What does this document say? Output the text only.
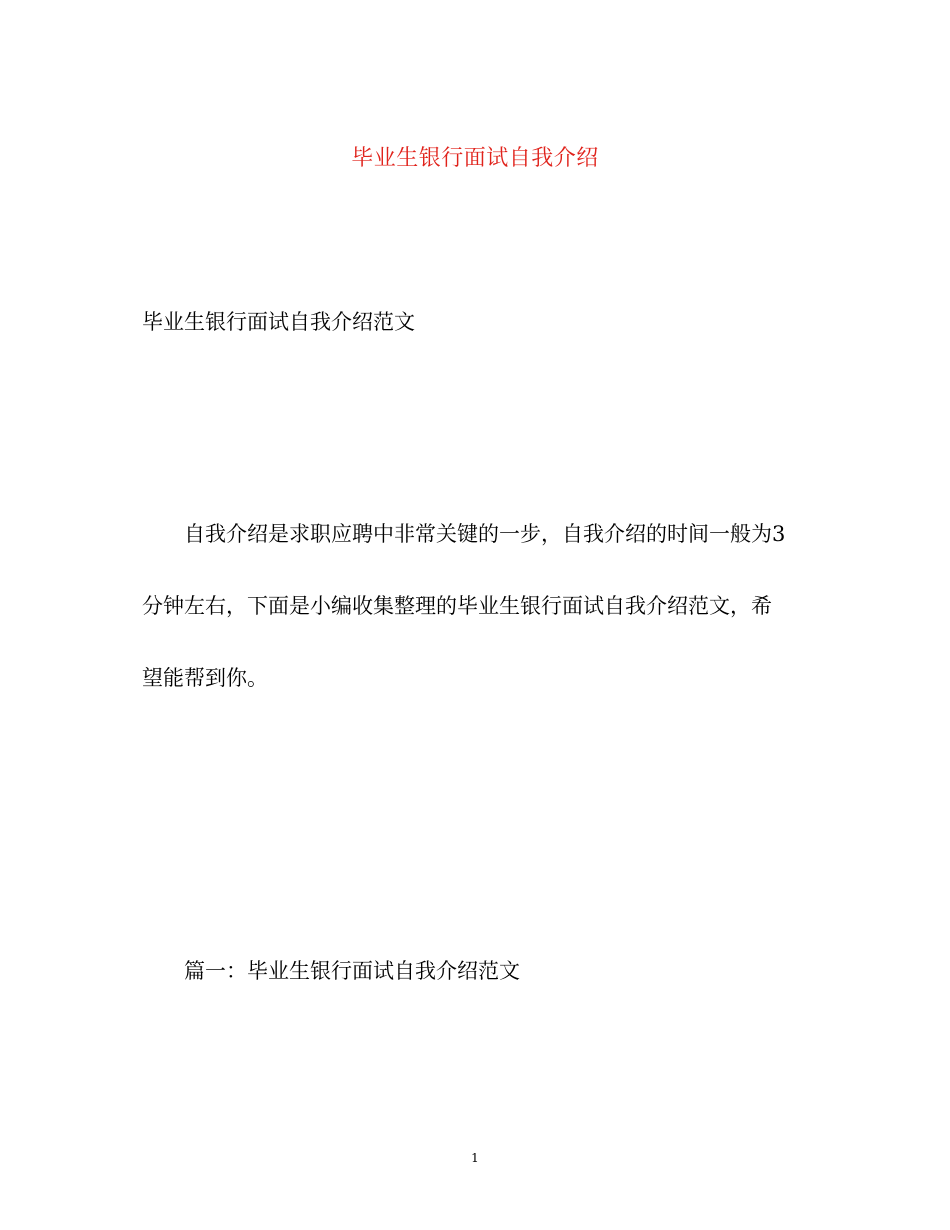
毕业生银行面试自我介绍
毕业生银行面试自我介绍范文
自我介绍是求职应聘中非常关键的一步，自我介绍的时间一般为3
分钟左右，下面是小编收集整理的毕业生银行面试自我介绍范文，希
望能帮到你。
篇一：毕业生银行面试自我介绍范文
1
